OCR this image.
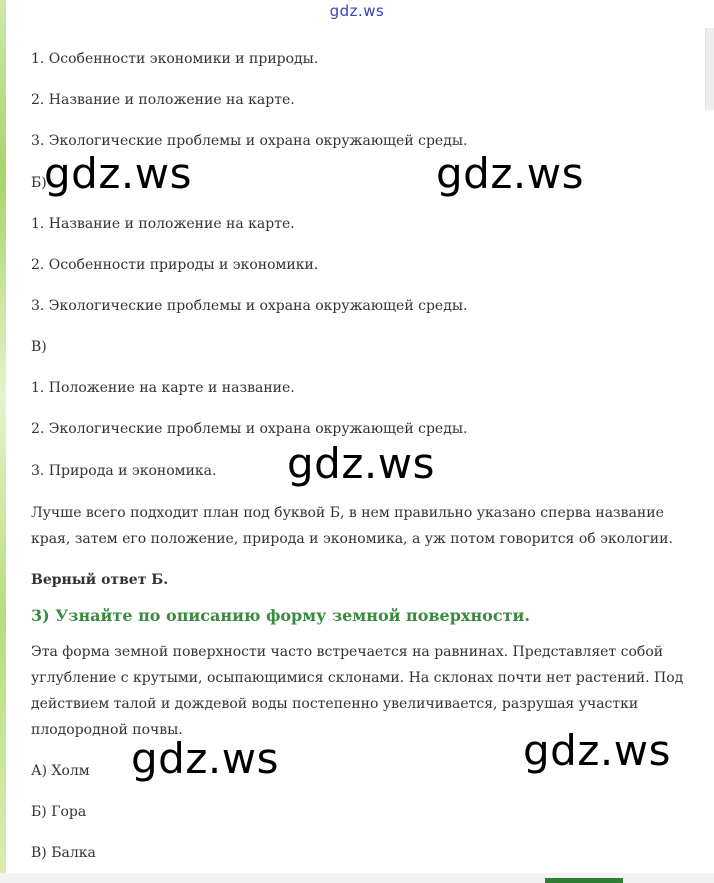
gdz.ws

1. Особенности экономики и природы.

2. Название и положение на карте.

3. Экологические проблемы и охрана окружающей среды.

Б)

1. Название и положение на карте.

2. Особенности природы и экономики.

3. Экологические проблемы и охрана окружающей среды.

В)

1. Положение на карте и название.

2. Экологические проблемы и охрана окружающей среды.

3. Природа и экономика.

Лучше всего подходит план под буквой Б, в нем правильно указано сперва название края, затем его положение, природа и экономика, а уж потом говорится об экологии.

Верный ответ Б.

3) Узнайте по описанию форму земной поверхности.

Эта форма земной поверхности часто встречается на равнинах. Представляет собой углубление с крутыми, осыпающимися склонами. На склонах почти нет растений. Под действием талой и дождевой воды постепенно увеличивается, разрушая участки плодородной почвы.

А) Холм

Б) Гора

В) Балка

gdz.ws	gdz.ws
gdz.ws
gdz.ws	gdz.ws
